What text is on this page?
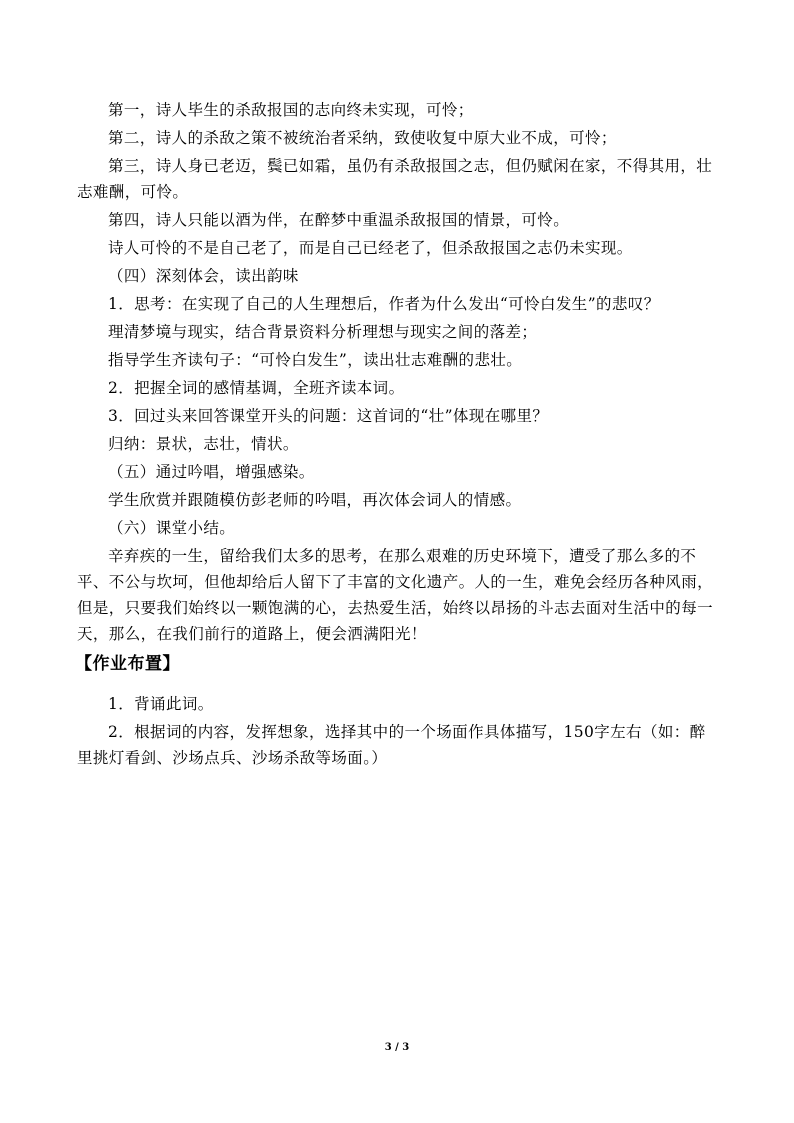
第一，诗人毕生的杀敌报国的志向终未实现，可怜；

第二，诗人的杀敌之策不被统治者采纳，致使收复中原大业不成，可怜；

第三，诗人身已老迈，鬓已如霜，虽仍有杀敌报国之志，但仍赋闲在家，不得其用，壮志难酬，可怜。

第四，诗人只能以酒为伴，在醉梦中重温杀敌报国的情景，可怜。

诗人可怜的不是自己老了，而是自己已经老了，但杀敌报国之志仍未实现。

（四）深刻体会，读出韵味

1．思考：在实现了自己的人生理想后，作者为什么发出“可怜白发生”的悲叹？

理清梦境与现实，结合背景资料分析理想与现实之间的落差；

指导学生齐读句子：“可怜白发生”，读出壮志难酬的悲壮。

2．把握全词的感情基调，全班齐读本词。

3．回过头来回答课堂开头的问题：这首词的“壮”体现在哪里？

归纳：景状，志壮，情状。

（五）通过吟唱，增强感染。

学生欣赏并跟随模仿彭老师的吟唱，再次体会词人的情感。

（六）课堂小结。

辛弃疾的一生，留给我们太多的思考，在那么艰难的历史环境下，遭受了那么多的不平、不公与坎坷，但他却给后人留下了丰富的文化遗产。人的一生，难免会经历各种风雨，但是，只要我们始终以一颗饱满的心，去热爱生活，始终以昂扬的斗志去面对生活中的每一天，那么，在我们前行的道路上，便会洒满阳光！

【作业布置】

1．背诵此词。

2．根据词的内容，发挥想象，选择其中的一个场面作具体描写，150字左右（如：醉里挑灯看剑、沙场点兵、沙场杀敌等场面。）

3 / 3
